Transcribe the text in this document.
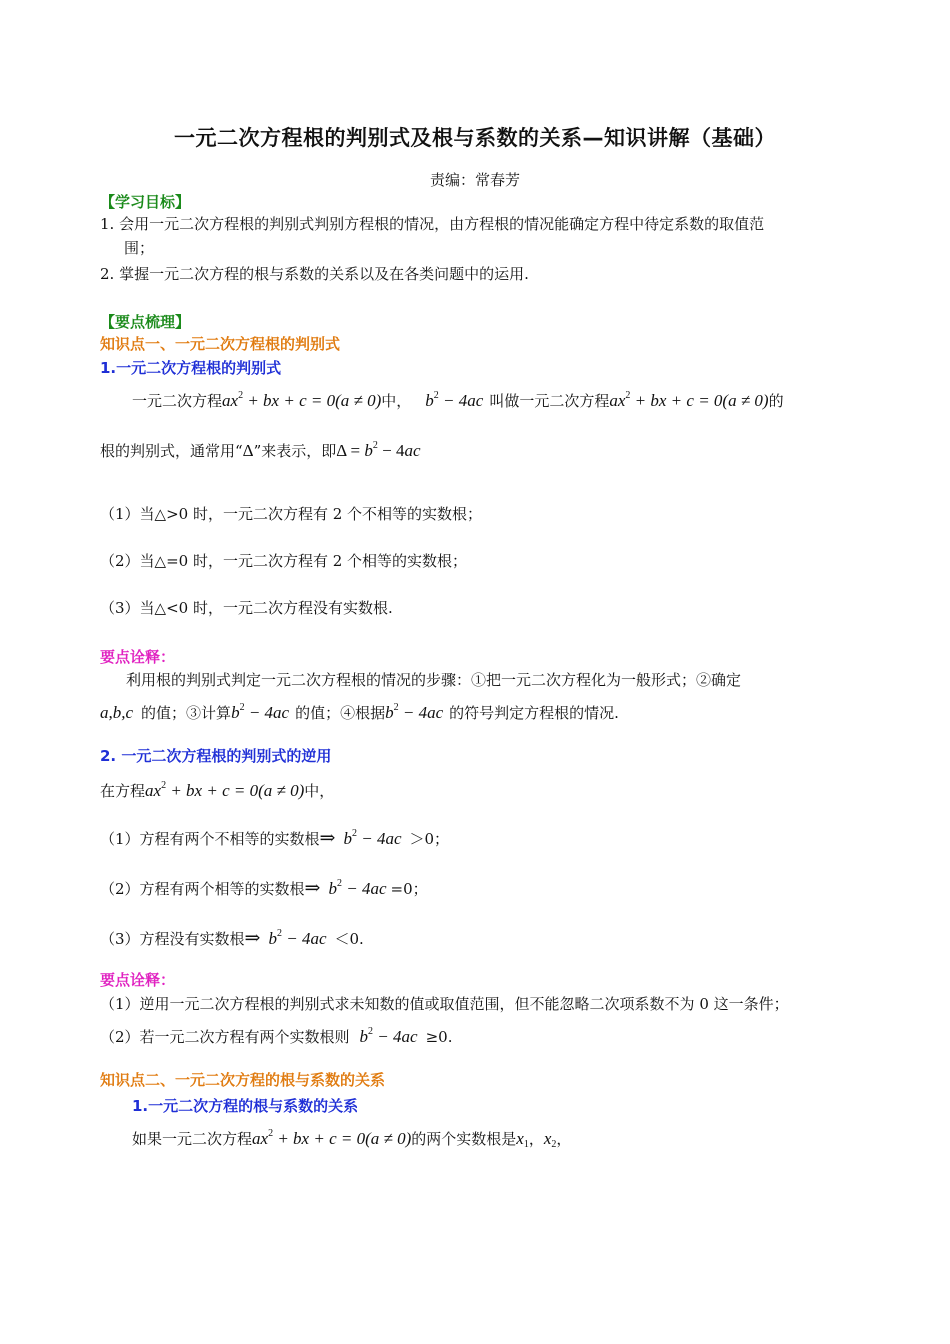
一元二次方程根的判别式及根与系数的关系—知识讲解（基础）
责编：常春芳
【学习目标】
1. 会用一元二次方程根的判别式判别方程根的情况，由方程根的情况能确定方程中待定系数的取值范
围；
2. 掌握一元二次方程的根与系数的关系以及在各类问题中的运用.
【要点梳理】
知识点一、一元二次方程根的判别式
1.一元二次方程根的判别式
一元二次方程$ax^2$ + bx + c = 0(a ≠ 0)中， $b^2 - 4ac$ 叫做一元二次方程$ax^2$ + bx + c = 0(a ≠ 0)的
根的判别式，通常用“Δ”来表示，即$\Delta = b^2 - 4ac$
（1）当△>0 时，一元二次方程有 2 个不相等的实数根；
（2）当△=0 时，一元二次方程有 2 个相等的实数根；
（3）当△<0 时，一元二次方程没有实数根.
要点诠释：
利用根的判别式判定一元二次方程根的情况的步骤：①把一元二次方程化为一般形式；②确定
a,b,c 的值；③计算$b^2 - 4ac$ 的值；④根据$b^2 - 4ac$ 的符号判定方程根的情况.
2. 一元二次方程根的判别式的逆用
在方程$ax^2$ + bx + c = 0(a ≠ 0)中，
（1）方程有两个不相等的实数根⇒ $b^2 - 4ac >0$；
（2）方程有两个相等的实数根⇒ $b^2 - 4ac =0$；
（3）方程没有实数根⇒ $b^2 - 4ac <0$.
要点诠释：
（1）逆用一元二次方程根的判别式求未知数的值或取值范围，但不能忽略二次项系数不为 0 这一条件；
（2）若一元二次方程有两个实数根则 $b^2 - 4ac \ge 0$.
知识点二、一元二次方程的根与系数的关系
1.一元二次方程的根与系数的关系
如果一元二次方程$ax^2$ + bx + c = 0(a ≠ 0)的两个实数根是$x_1$，$x_2$，
